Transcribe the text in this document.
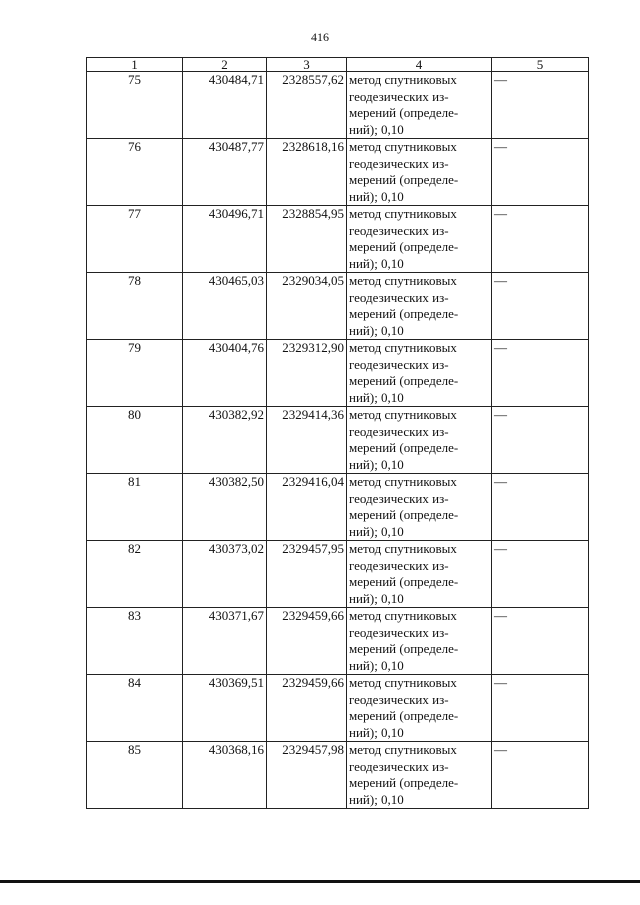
416
1	2	3	4	5
75	430484,71	2328557,62	метод спутниковых
геодезических из-
мерений (определе-
ний); 0,10	—
76	430487,77	2328618,16	метод спутниковых
геодезических из-
мерений (определе-
ний); 0,10	—
77	430496,71	2328854,95	метод спутниковых
геодезических из-
мерений (определе-
ний); 0,10	—
78	430465,03	2329034,05	метод спутниковых
геодезических из-
мерений (определе-
ний); 0,10	—
79	430404,76	2329312,90	метод спутниковых
геодезических из-
мерений (определе-
ний); 0,10	—
80	430382,92	2329414,36	метод спутниковых
геодезических из-
мерений (определе-
ний); 0,10	—
81	430382,50	2329416,04	метод спутниковых
геодезических из-
мерений (определе-
ний); 0,10	—
82	430373,02	2329457,95	метод спутниковых
геодезических из-
мерений (определе-
ний); 0,10	—
83	430371,67	2329459,66	метод спутниковых
геодезических из-
мерений (определе-
ний); 0,10	—
84	430369,51	2329459,66	метод спутниковых
геодезических из-
мерений (определе-
ний); 0,10	—
85	430368,16	2329457,98	метод спутниковых
геодезических из-
мерений (определе-
ний); 0,10	—
